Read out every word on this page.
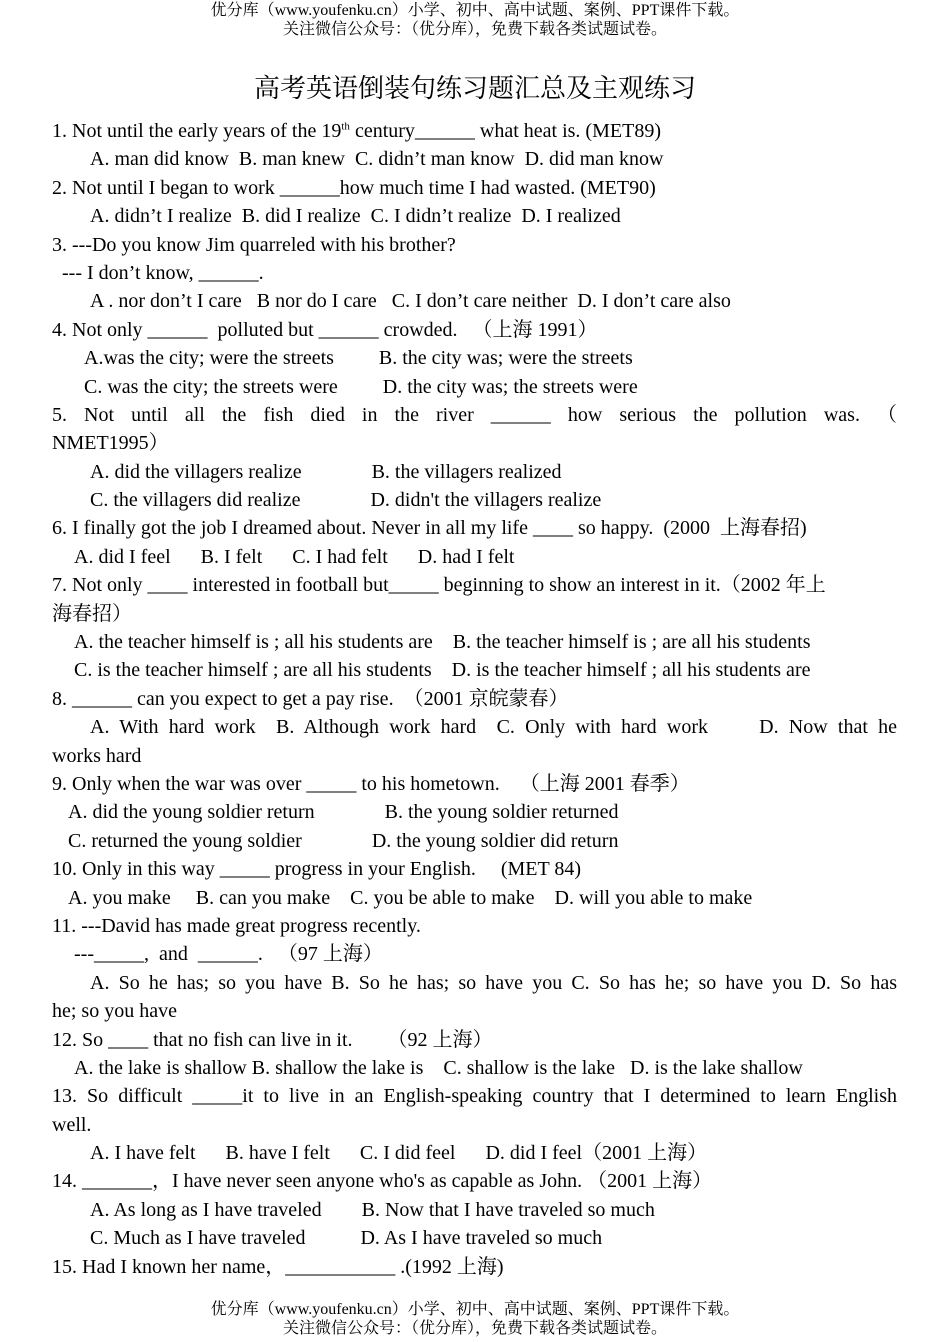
优分库（www.youfenku.cn）小学、初中、高中试题、案例、PPT课件下载。
关注微信公众号：（优分库），免费下载各类试题试卷。
高考英语倒装句练习题汇总及主观练习
1. Not until the early years of the 19th century______ what heat is. (MET89)
A. man did know  B. man knew  C. didn’t man know  D. did man know
2. Not until I began to work ______how much time I had wasted. (MET90)
A. didn’t I realize  B. did I realize  C. I didn’t realize  D. I realized
3. ---Do you know Jim quarreled with his brother?
--- I don’t know, ______.
A . nor don’t I care   B nor do I care   C. I don’t care neither  D. I don’t care also
4. Not only ______  polluted but ______ crowded.   （上海 1991）
A.was the city; were the streets         B. the city was; were the streets
C. was the city; the streets were         D. the city was; the streets were
5. Not until all the fish died in the river ______ how serious the pollution was. （
NMET1995）
A. did the villagers realize              B. the villagers realized
C. the villagers did realize              D. didn't the villagers realize
6. I finally got the job I dreamed about. Never in all my life ____ so happy.  (2000  上海春招)
A. did I feel      B. I felt      C. I had felt      D. had I felt
7. Not only ____ interested in football but_____ beginning to show an interest in it.（2002 年上
海春招）
A. the teacher himself is ; all his students are    B. the teacher himself is ; are all his students
C. is the teacher himself ; are all his students    D. is the teacher himself ; all his students are
8. ______ can you expect to get a pay rise.  （2001 京皖蒙春）
A. With hard work  B. Although work hard  C. Only with hard work     D. Now that he
works hard
9. Only when the war was over _____ to his hometown.    （上海 2001 春季）
A. did the young soldier return              B. the young soldier returned
C. returned the young soldier              D. the young soldier did return
10. Only in this way _____ progress in your English.     (MET 84)
A. you make     B. can you make    C. you be able to make    D. will you able to make
11. ---David has made great progress recently.
---_____,  and  ______.   （97 上海）
A. So he has; so you have B. So he has; so have you C. So has he; so have you D. So has
he; so you have
12. So ____ that no fish can live in it.       （92 上海）
A. the lake is shallow B. shallow the lake is    C. shallow is the lake   D. is the lake shallow
13. So difficult _____it to live in an English-speaking country that I determined to learn English
well.
A. I have felt      B. have I felt      C. I did feel      D. did I feel（2001 上海）
14. _______，I have never seen anyone who's as capable as John. （2001 上海）
A. As long as I have traveled        B. Now that I have traveled so much
C. Much as I have traveled           D. As I have traveled so much
15. Had I known her name，___________ .(1992 上海)
优分库（www.youfenku.cn）小学、初中、高中试题、案例、PPT课件下载。
关注微信公众号：（优分库），免费下载各类试题试卷。
